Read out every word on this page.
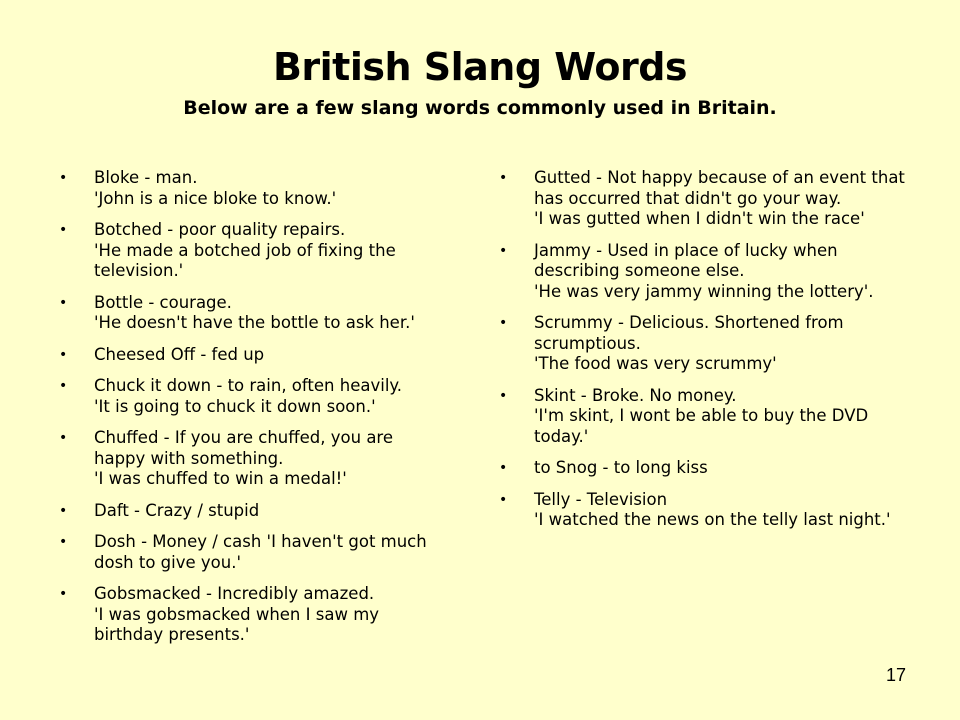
British Slang Words
Below are a few slang words commonly used in Britain.
• Bloke - man.
'John is a nice bloke to know.'
• Botched - poor quality repairs.
'He made a botched job of fixing the television.'
• Bottle - courage.
'He doesn't have the bottle to ask her.'
• Cheesed Off - fed up
• Chuck it down - to rain, often heavily.
'It is going to chuck it down soon.'
• Chuffed - If you are chuffed, you are happy with something.
'I was chuffed to win a medal!'
• Daft - Crazy / stupid
• Dosh - Money / cash 'I haven't got much dosh to give you.'
• Gobsmacked - Incredibly amazed.
'I was gobsmacked when I saw my birthday presents.'
• Gutted - Not happy because of an event that has occurred that didn't go your way.
'I was gutted when I didn't win the race'
• Jammy - Used in place of lucky when describing someone else.
'He was very jammy winning the lottery'.
• Scrummy - Delicious. Shortened from scrumptious.
'The food was very scrummy'
• Skint - Broke. No money.
'I'm skint, I wont be able to buy the DVD today.'
• to Snog - to long kiss
• Telly - Television
'I watched the news on the telly last night.'
17
